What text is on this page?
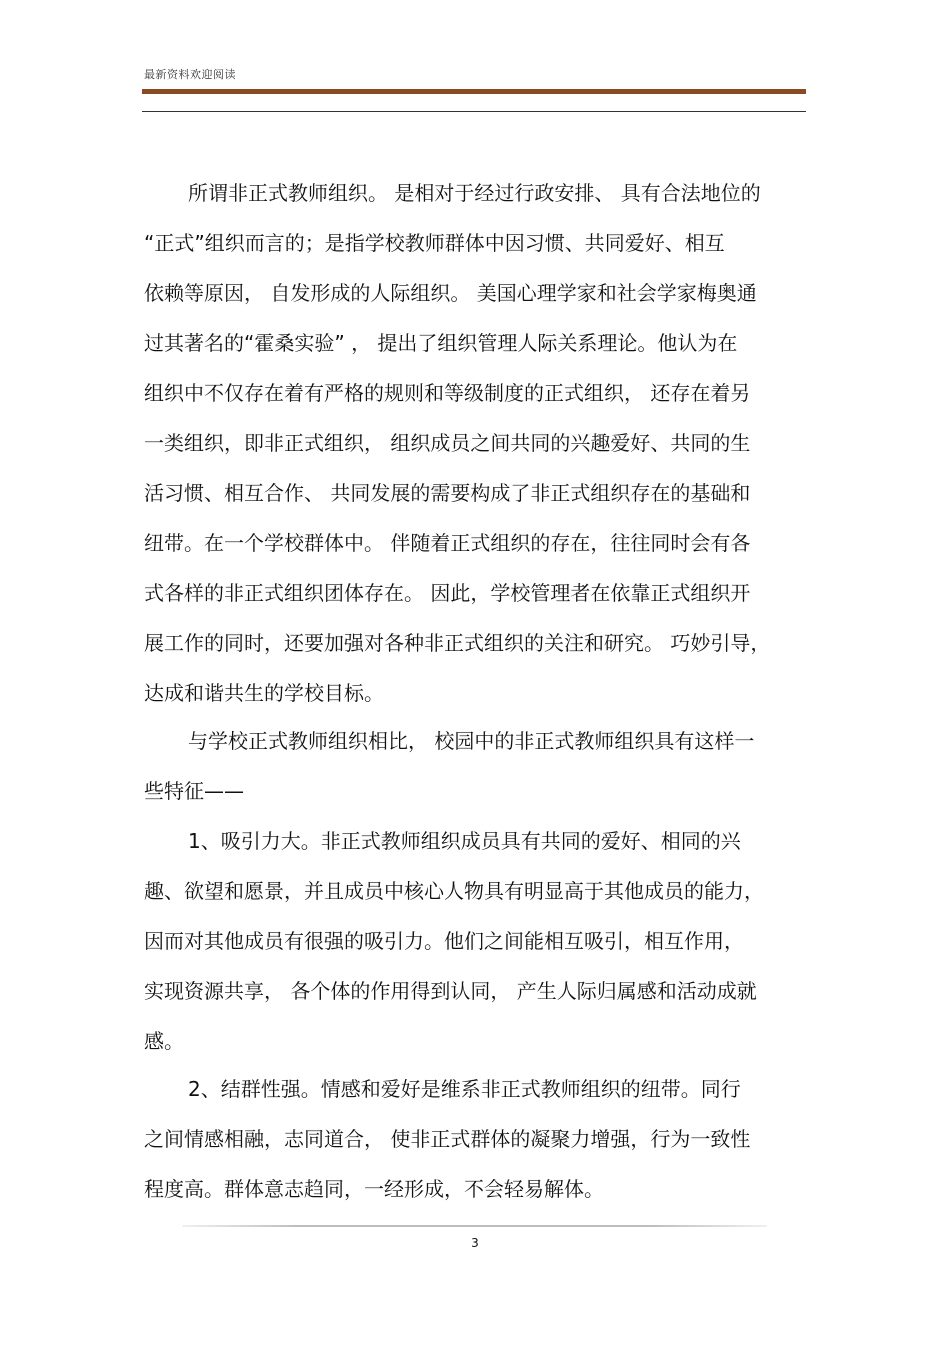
最新资料欢迎阅读
所谓非正式教师组织。 是相对于经过行政安排、 具有合法地位的
“正式”组织而言的；是指学校教师群体中因习惯、共同爱好、相互
依赖等原因， 自发形成的人际组织。 美国心理学家和社会学家梅奥通
过其著名的“霍桑实验” ， 提出了组织管理人际关系理论。他认为在
组织中不仅存在着有严格的规则和等级制度的正式组织， 还存在着另
一类组织，即非正式组织， 组织成员之间共同的兴趣爱好、共同的生
活习惯、相互合作、 共同发展的需要构成了非正式组织存在的基础和
纽带。在一个学校群体中。 伴随着正式组织的存在，往往同时会有各
式各样的非正式组织团体存在。 因此，学校管理者在依靠正式组织开
展工作的同时，还要加强对各种非正式组织的关注和研究。 巧妙引导，
达成和谐共生的学校目标。
与学校正式教师组织相比， 校园中的非正式教师组织具有这样一
些特征——
1、吸引力大。非正式教师组织成员具有共同的爱好、相同的兴
趣、欲望和愿景，并且成员中核心人物具有明显高于其他成员的能力，
因而对其他成员有很强的吸引力。他们之间能相互吸引，相互作用，
实现资源共享， 各个体的作用得到认同， 产生人际归属感和活动成就
感。
2、结群性强。情感和爱好是维系非正式教师组织的纽带。同行
之间情感相融，志同道合， 使非正式群体的凝聚力增强，行为一致性
程度高。群体意志趋同，一经形成，不会轻易解体。
3
